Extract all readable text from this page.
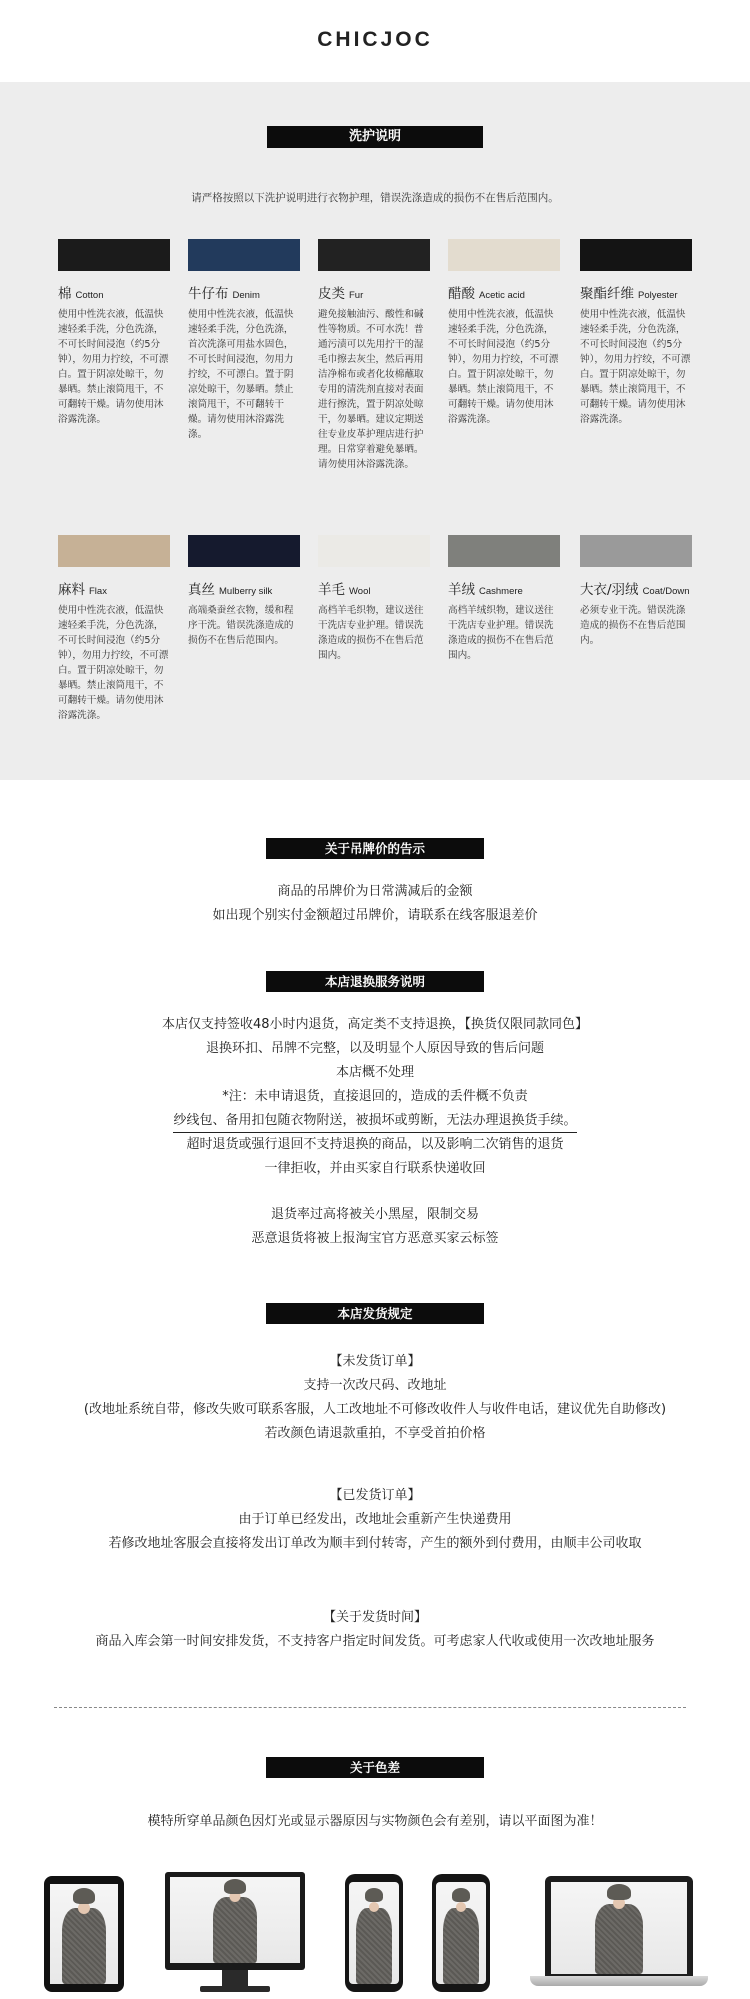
CHICJOC
洗护说明
请严格按照以下洗护说明进行衣物护理，错误洗涤造成的损伤不在售后范围内。
棉 Cotton
使用中性洗衣液，低温快速轻柔手洗，分色洗涤，不可长时间浸泡（约5分钟），勿用力拧绞，不可漂白。置于阴凉处晾干，勿暴晒。禁止滚筒甩干，不可翻转干燥。请勿使用沐浴露洗涤。
牛仔布 Denim
使用中性洗衣液，低温快速轻柔手洗，分色洗涤，首次洗涤可用盐水固色，不可长时间浸泡，勿用力拧绞，不可漂白。置于阴凉处晾干，勿暴晒。禁止滚筒甩干，不可翻转干燥。请勿使用沐浴露洗涤。
皮类 Fur
避免接触油污、酸性和碱性等物质。不可水洗！普通污渍可以先用拧干的湿毛巾擦去灰尘，然后再用洁净棉布或者化妆棉蘸取专用的清洗剂直接对表面进行擦洗，置于阴凉处晾干，勿暴晒。建议定期送往专业皮革护理店进行护理。日常穿着避免暴晒。请勿使用沐浴露洗涤。
醋酸 Acetic acid
使用中性洗衣液，低温快速轻柔手洗，分色洗涤，不可长时间浸泡（约5分钟），勿用力拧绞，不可漂白。置于阴凉处晾干，勿暴晒。禁止滚筒甩干，不可翻转干燥。请勿使用沐浴露洗涤。
聚酯纤维 Polyester
使用中性洗衣液，低温快速轻柔手洗，分色洗涤，不可长时间浸泡（约5分钟），勿用力拧绞，不可漂白。置于阴凉处晾干，勿暴晒。禁止滚筒甩干，不可翻转干燥。请勿使用沐浴露洗涤。
麻料 Flax
使用中性洗衣液，低温快速轻柔手洗，分色洗涤，不可长时间浸泡（约5分钟），勿用力拧绞，不可漂白。置于阴凉处晾干，勿暴晒。禁止滚筒甩干，不可翻转干燥。请勿使用沐浴露洗涤。
真丝 Mulberry silk
高端桑蚕丝衣物，缓和程序干洗。错误洗涤造成的损伤不在售后范围内。
羊毛 Wool
高档羊毛织物，建议送往干洗店专业护理。错误洗涤造成的损伤不在售后范围内。
羊绒 Cashmere
高档羊绒织物，建议送往干洗店专业护理。错误洗涤造成的损伤不在售后范围内。
大衣/羽绒 Coat/Down
必须专业干洗。错误洗涤造成的损伤不在售后范围内。
关于吊牌价的告示
商品的吊牌价为日常满减后的金额
如出现个别实付金额超过吊牌价，请联系在线客服退差价
本店退换服务说明
本店仅支持签收48小时内退货，高定类不支持退换，【换货仅限同款同色】
退换环扣、吊牌不完整，以及明显个人原因导致的售后问题
本店概不处理
*注：未申请退货，直接退回的，造成的丢件概不负责
纱线包、备用扣包随衣物附送，被损坏或剪断，无法办理退换货手续。
超时退货或强行退回不支持退换的商品，以及影响二次销售的退货
一律拒收，并由买家自行联系快递收回
退货率过高将被关小黑屋，限制交易
恶意退货将被上报淘宝官方恶意买家云标签
本店发货规定
【未发货订单】
支持一次改尺码、改地址
(改地址系统自带，修改失败可联系客服，人工改地址不可修改收件人与收件电话，建议优先自助修改)
若改颜色请退款重拍，不享受首拍价格
【已发货订单】
由于订单已经发出，改地址会重新产生快递费用
若修改地址客服会直接将发出订单改为顺丰到付转寄，产生的额外到付费用，由顺丰公司收取
【关于发货时间】
商品入库会第一时间安排发货，不支持客户指定时间发货。可考虑家人代收或使用一次改地址服务
关于色差
模特所穿单品颜色因灯光或显示器原因与实物颜色会有差别，请以平面图为准！
